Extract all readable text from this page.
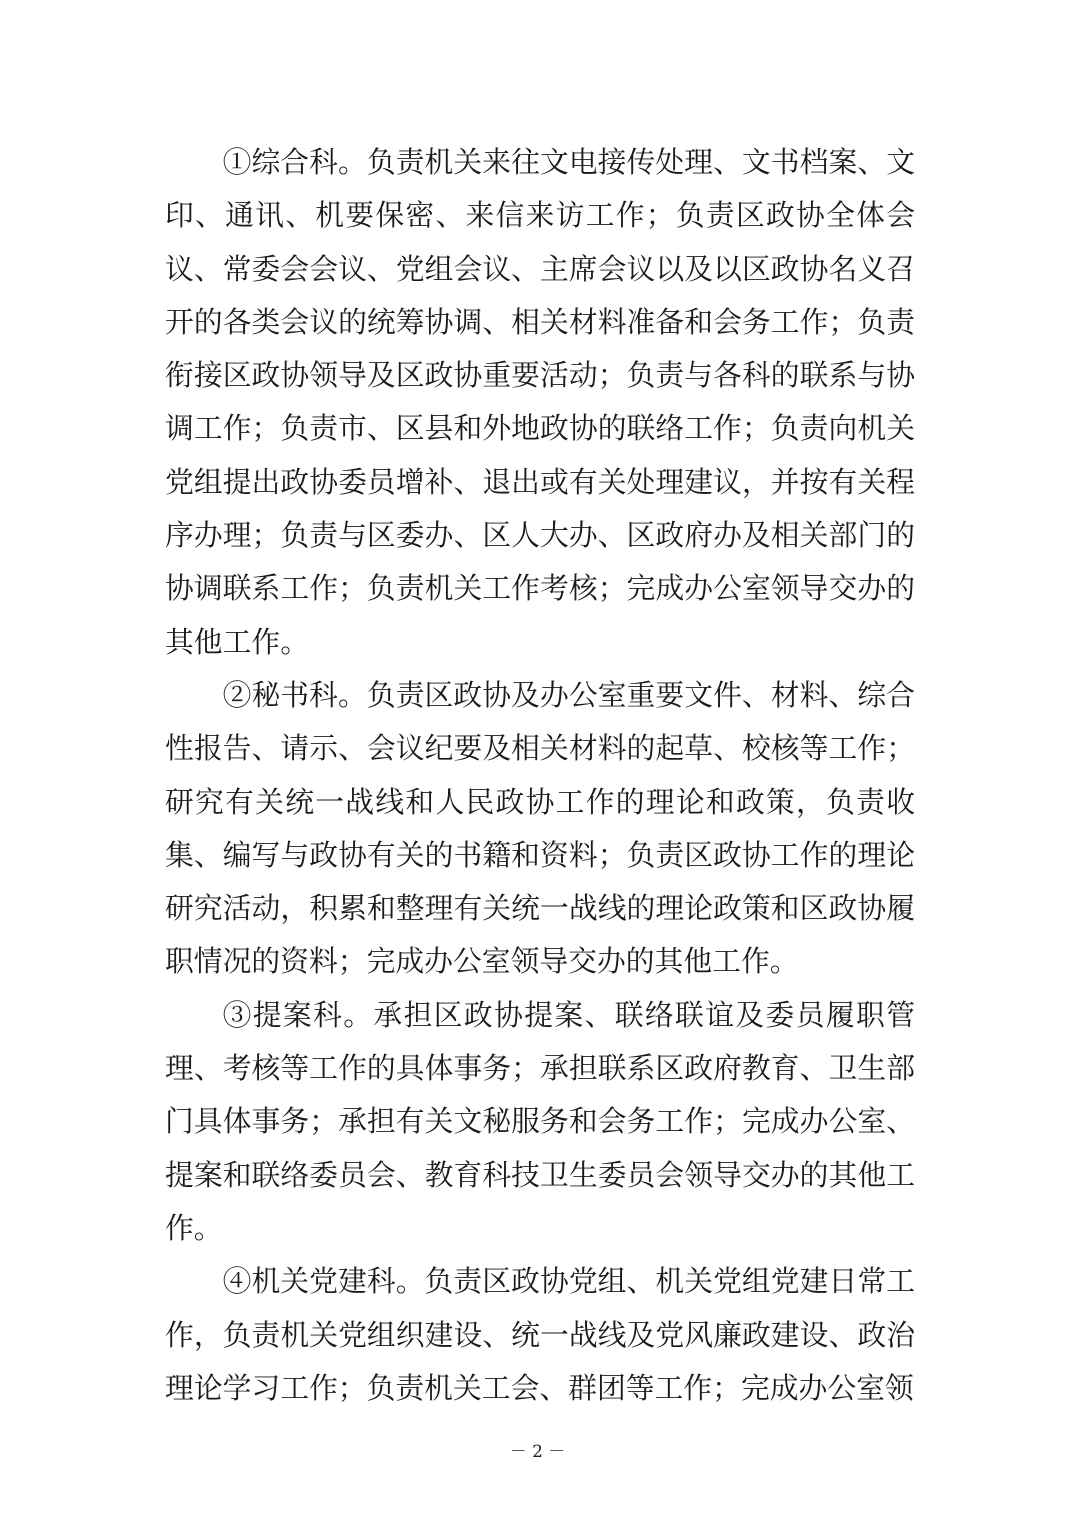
①综合科。负责机关来往文电接传处理、文书档案、文印、通讯、机要保密、来信来访工作；负责区政协全体会议、常委会会议、党组会议、主席会议以及以区政协名义召开的各类会议的统筹协调、相关材料准备和会务工作；负责衔接区政协领导及区政协重要活动；负责与各科的联系与协调工作；负责市、区县和外地政协的联络工作；负责向机关党组提出政协委员增补、退出或有关处理建议，并按有关程序办理；负责与区委办、区人大办、区政府办及相关部门的协调联系工作；负责机关工作考核；完成办公室领导交办的其他工作。

②秘书科。负责区政协及办公室重要文件、材料、综合性报告、请示、会议纪要及相关材料的起草、校核等工作；研究有关统一战线和人民政协工作的理论和政策，负责收集、编写与政协有关的书籍和资料；负责区政协工作的理论研究活动，积累和整理有关统一战线的理论政策和区政协履职情况的资料；完成办公室领导交办的其他工作。

③提案科。承担区政协提案、联络联谊及委员履职管理、考核等工作的具体事务；承担联系区政府教育、卫生部门具体事务；承担有关文秘服务和会务工作；完成办公室、提案和联络委员会、教育科技卫生委员会领导交办的其他工作。

④机关党建科。负责区政协党组、机关党组党建日常工作，负责机关党组织建设、统一战线及党风廉政建设、政治理论学习工作；负责机关工会、群团等工作；完成办公室领

－ 2 －
